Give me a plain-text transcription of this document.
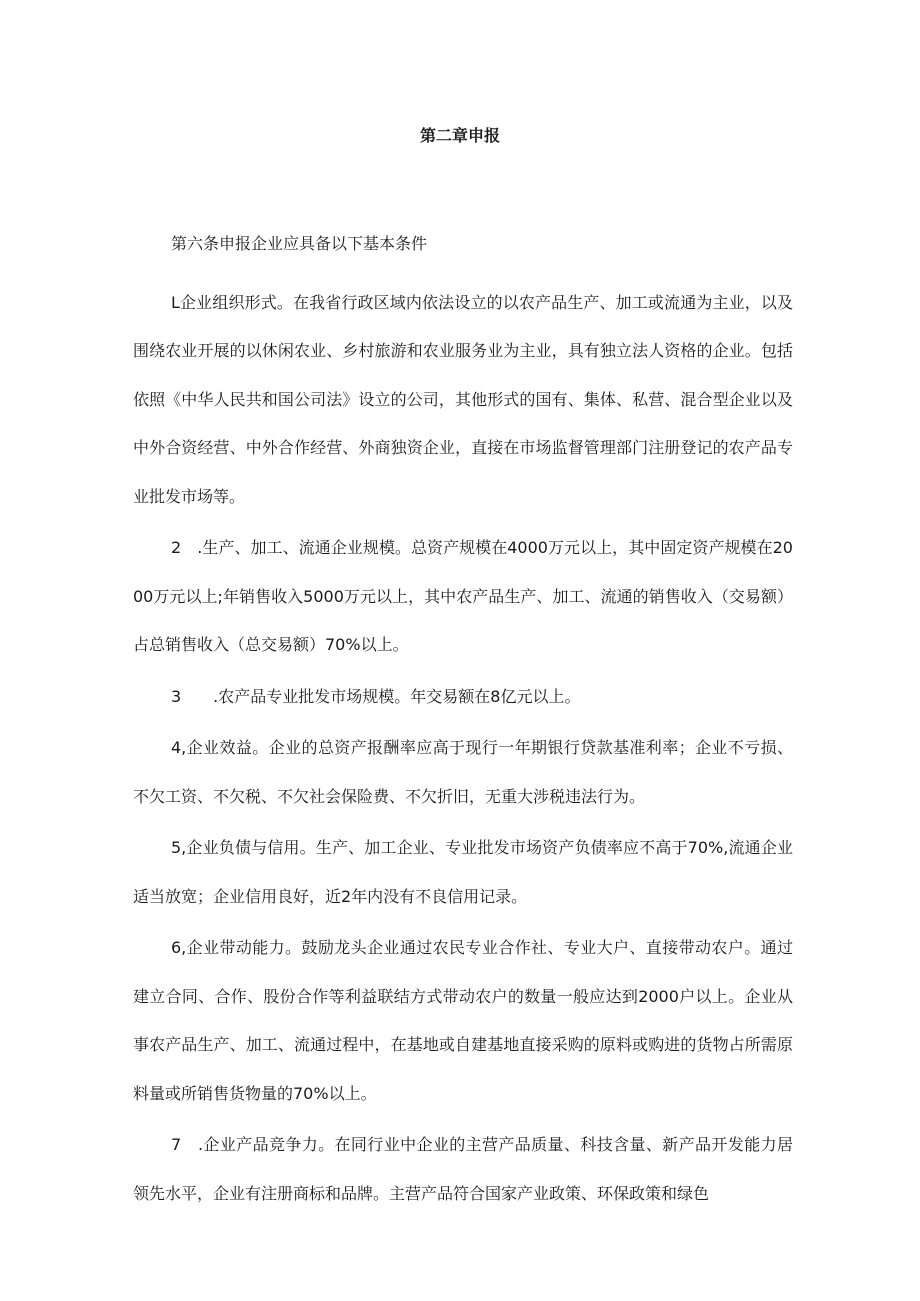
第二章申报

第六条申报企业应具备以下基本条件

L企业组织形式。在我省行政区域内依法设立的以农产品生产、加工或流通为主业，以及围绕农业开展的以休闲农业、乡村旅游和农业服务业为主业，具有独立法人资格的企业。包括依照《中华人民共和国公司法》设立的公司，其他形式的国有、集体、私营、混合型企业以及中外合资经营、中外合作经营、外商独资企业，直接在市场监督管理部门注册登记的农产品专业批发市场等。

2　.生产、加工、流通企业规模。总资产规模在4000万元以上，其中固定资产规模在2000万元以上;年销售收入5000万元以上，其中农产品生产、加工、流通的销售收入（交易额）占总销售收入（总交易额）70%以上。

3　　.农产品专业批发市场规模。年交易额在8亿元以上。

4,企业效益。企业的总资产报酬率应高于现行一年期银行贷款基准利率；企业不亏损、不欠工资、不欠税、不欠社会保险费、不欠折旧，无重大涉税违法行为。

5,企业负债与信用。生产、加工企业、专业批发市场资产负债率应不高于70%,流通企业适当放宽；企业信用良好，近2年内没有不良信用记录。

6,企业带动能力。鼓励龙头企业通过农民专业合作社、专业大户、直接带动农户。通过建立合同、合作、股份合作等利益联结方式带动农户的数量一般应达到2000户以上。企业从事农产品生产、加工、流通过程中，在基地或自建基地直接采购的原料或购进的货物占所需原料量或所销售货物量的70%以上。

7　.企业产品竞争力。在同行业中企业的主营产品质量、科技含量、新产品开发能力居领先水平，企业有注册商标和品牌。主营产品符合国家产业政策、环保政策和绿色
